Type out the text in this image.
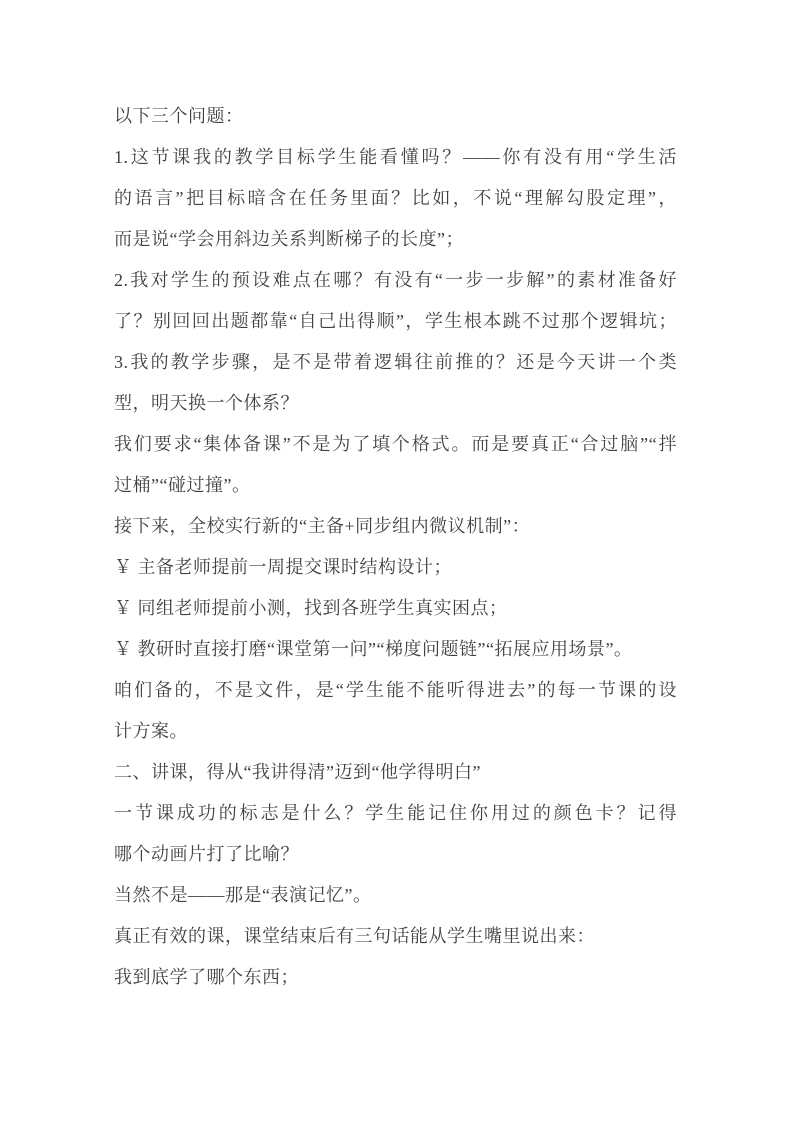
以下三个问题：
1.这节课我的教学目标学生能看懂吗？——你有没有用“学生活
的语言”把目标暗含在任务里面？比如，不说“理解勾股定理”，
而是说“学会用斜边关系判断梯子的长度”；
2.我对学生的预设难点在哪？有没有“一步一步解”的素材准备好
了？别回回出题都靠“自己出得顺”，学生根本跳不过那个逻辑坑；
3.我的教学步骤，是不是带着逻辑往前推的？还是今天讲一个类
型，明天换一个体系？
我们要求“集体备课”不是为了填个格式。而是要真正“合过脑”“拌
过桶”“碰过撞”。
接下来，全校实行新的“主备+同步组内微议机制”：
￥ 主备老师提前一周提交课时结构设计；
￥ 同组老师提前小测，找到各班学生真实困点；
￥ 教研时直接打磨“课堂第一问”“梯度问题链”“拓展应用场景”。
咱们备的，不是文件，是“学生能不能听得进去”的每一节课的设
计方案。
二、讲课，得从“我讲得清”迈到“他学得明白”
一节课成功的标志是什么？学生能记住你用过的颜色卡？记得
哪个动画片打了比喻？
当然不是——那是“表演记忆”。
真正有效的课，课堂结束后有三句话能从学生嘴里说出来：
我到底学了哪个东西；
